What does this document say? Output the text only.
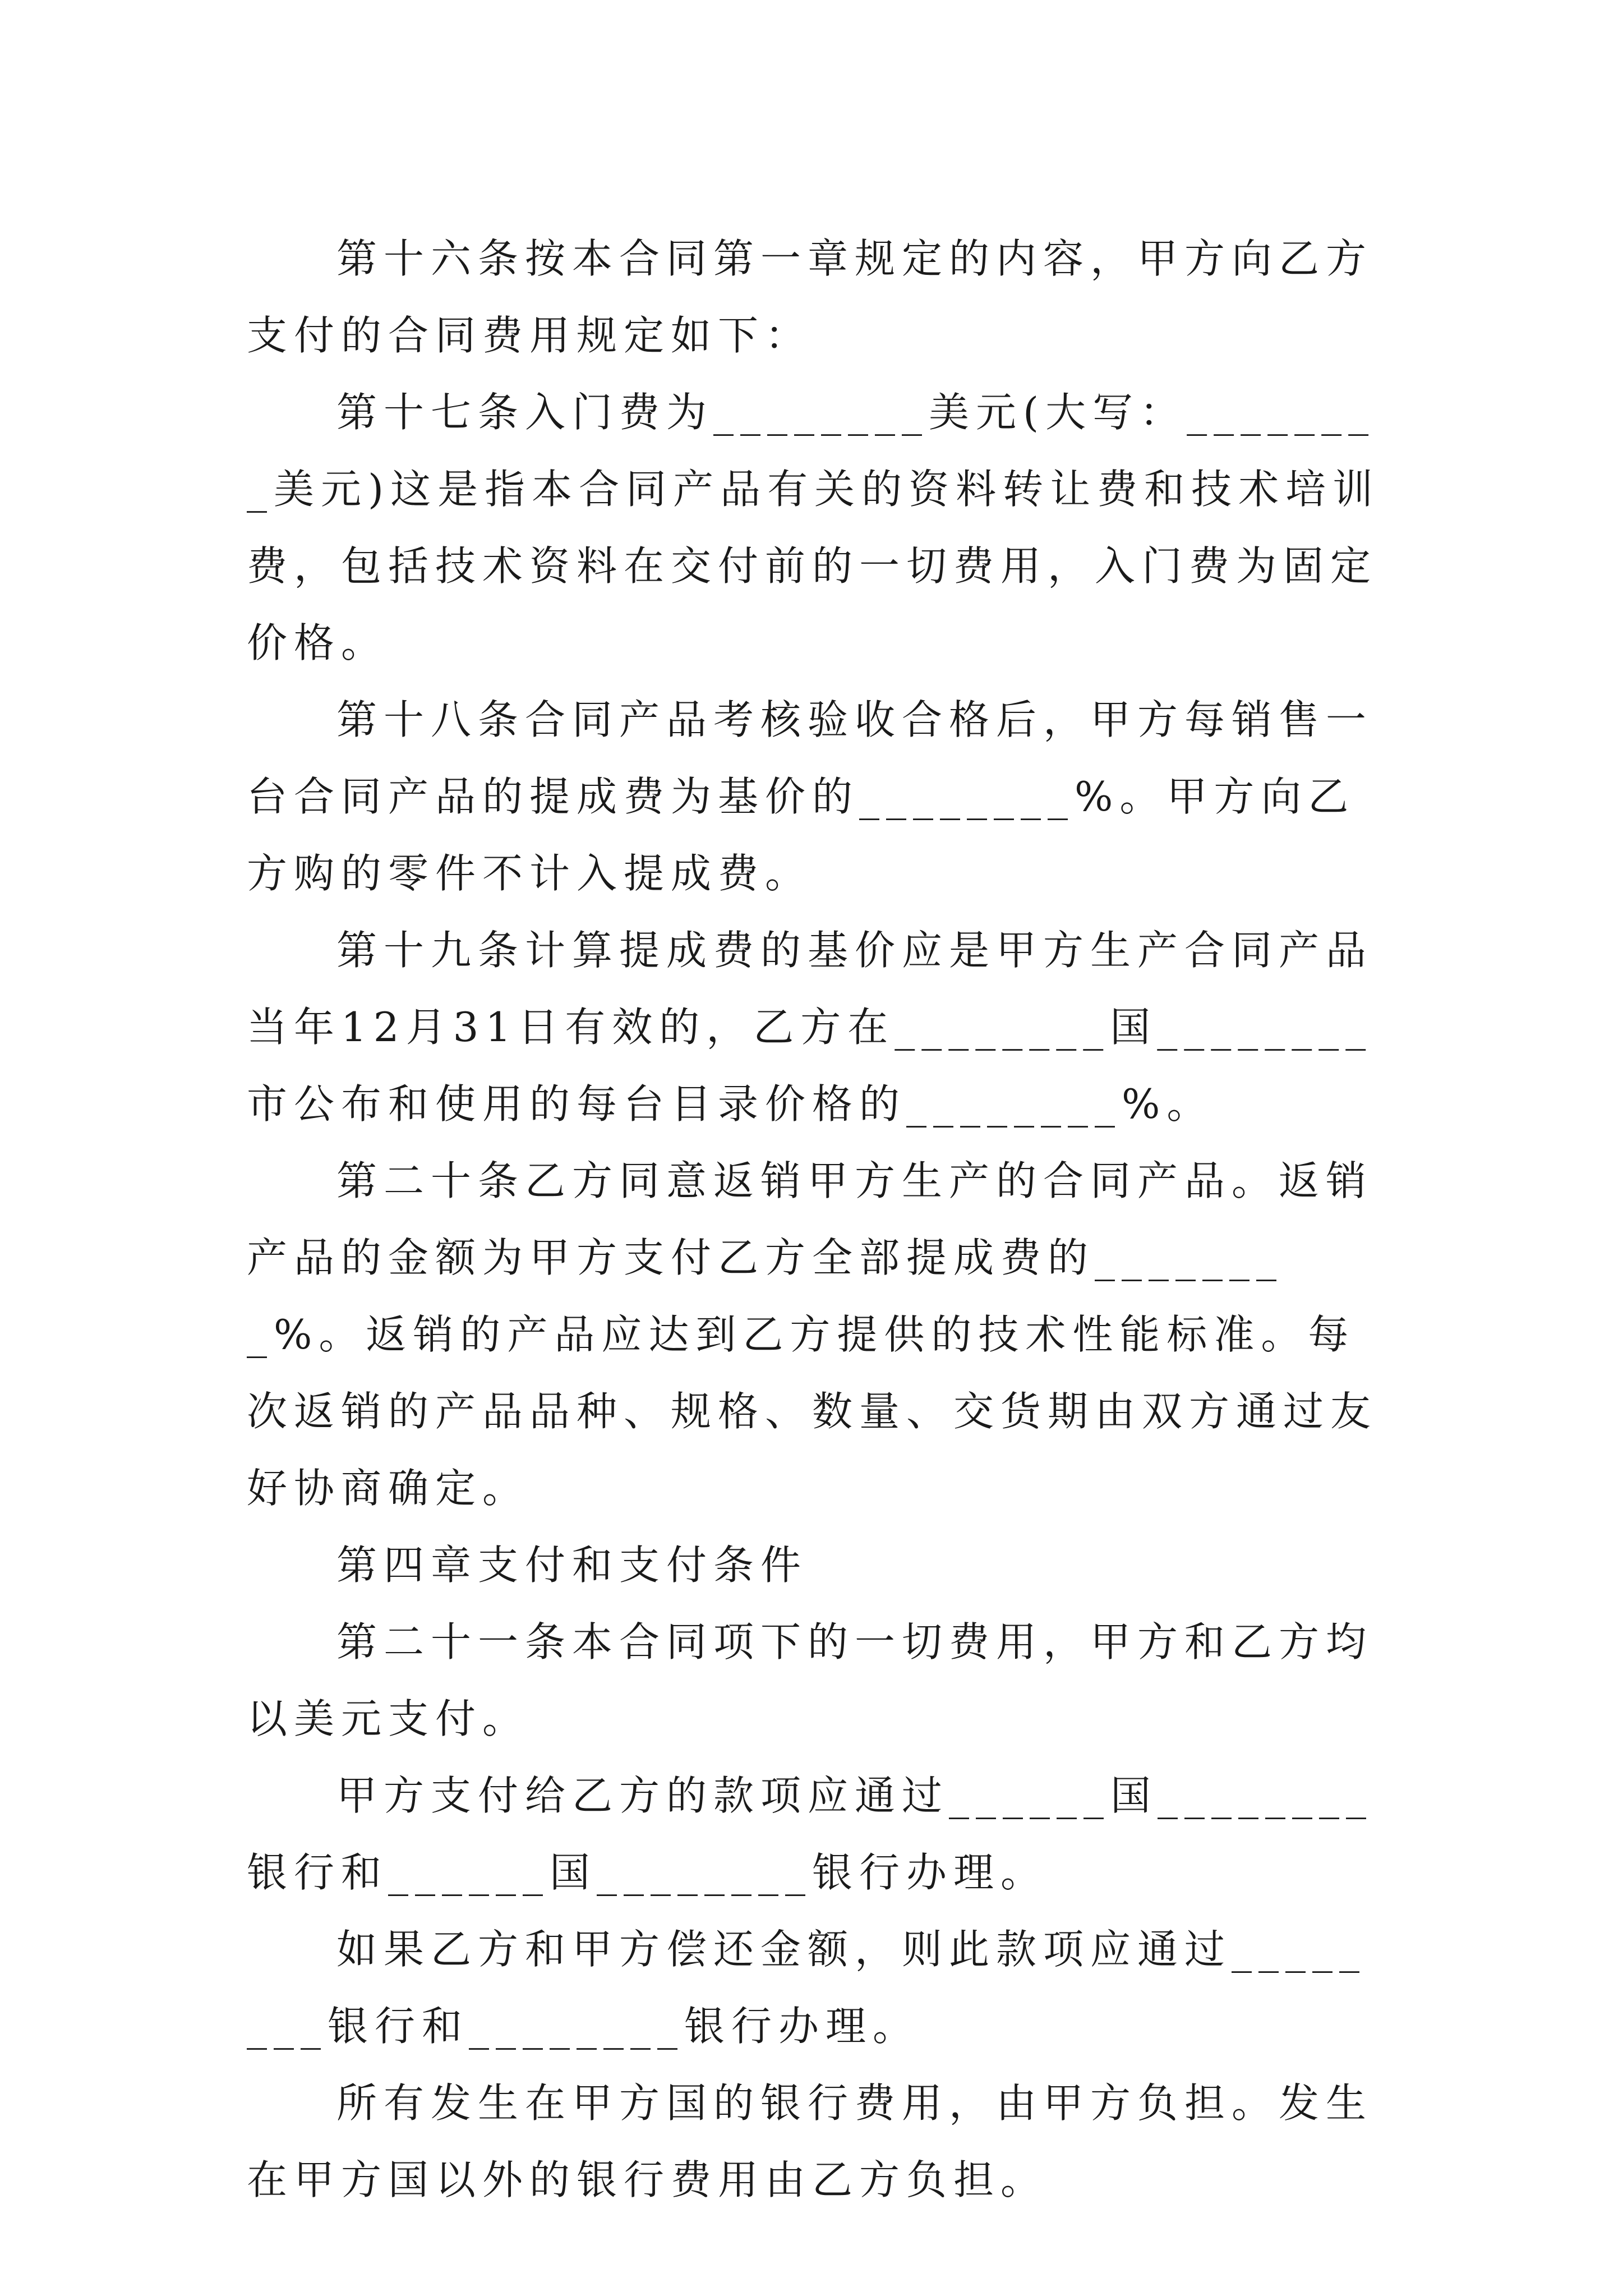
第十六条按本合同第一章规定的内容，甲方向乙方支付的合同费用规定如下：

第十七条入门费为________美元(大写：________美元)这是指本合同产品有关的资料转让费和技术培训费，包括技术资料在交付前的一切费用，入门费为固定价格。

第十八条合同产品考核验收合格后，甲方每销售一台合同产品的提成费为基价的________%。甲方向乙方购的零件不计入提成费。

第十九条计算提成费的基价应是甲方生产合同产品当年12月31日有效的，乙方在________国________市公布和使用的每台目录价格的________%。

第二十条乙方同意返销甲方生产的合同产品。返销产品的金额为甲方支付乙方全部提成费的________%。返销的产品应达到乙方提供的技术性能标准。每次返销的产品品种、规格、数量、交货期由双方通过友好协商确定。

第四章支付和支付条件

第二十一条本合同项下的一切费用，甲方和乙方均以美元支付。

甲方支付给乙方的款项应通过______国________银行和______国________银行办理。

如果乙方和甲方偿还金额，则此款项应通过________银行和________银行办理。

所有发生在甲方国的银行费用，由甲方负担。发生在甲方国以外的银行费用由乙方负担。
